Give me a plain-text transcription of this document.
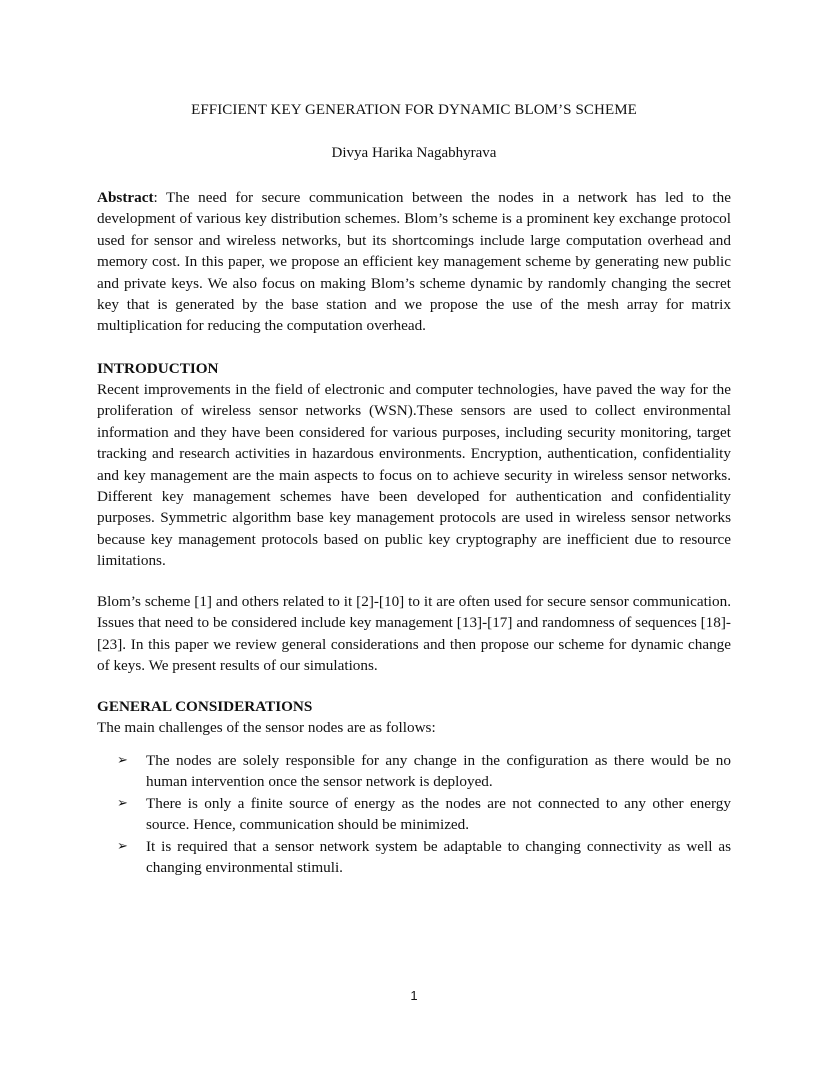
EFFICIENT KEY GENERATION FOR DYNAMIC BLOM’S SCHEME
Divya Harika Nagabhyrava

Abstract: The need for secure communication between the nodes in a network has led to the development of various key distribution schemes. Blom’s scheme is a prominent key exchange protocol used for sensor and wireless networks, but its shortcomings include large computation overhead and memory cost. In this paper, we propose an efficient key management scheme by generating new public and private keys. We also focus on making Blom’s scheme dynamic by randomly changing the secret key that is generated by the base station and we propose the use of the mesh array for matrix multiplication for reducing the computation overhead.

INTRODUCTION

Recent improvements in the field of electronic and computer technologies, have paved the way for the proliferation of wireless sensor networks (WSN).These sensors are used to collect environmental information and they have been considered for various purposes, including security monitoring, target tracking and research activities in hazardous environments. Encryption, authentication, confidentiality and key management are the main aspects to focus on to achieve security in wireless sensor networks. Different key management schemes have been developed for authentication and confidentiality purposes. Symmetric algorithm base key management protocols are used in wireless sensor networks because key management protocols based on public key cryptography are inefficient due to resource limitations.

Blom’s scheme [1] and others related to it [2]-[10] to it are often used for secure sensor communication. Issues that need to be considered include key management [13]-[17] and randomness of sequences [18]-[23]. In this paper we review general considerations and then propose our scheme for dynamic change of keys. We present results of our simulations.

GENERAL CONSIDERATIONS

The main challenges of the sensor nodes are as follows:

➢ The nodes are solely responsible for any change in the configuration as there would be no human intervention once the sensor network is deployed.
➢ There is only a finite source of energy as the nodes are not connected to any other energy source. Hence, communication should be minimized.
➢ It is required that a sensor network system be adaptable to changing connectivity as well as changing environmental stimuli.
1
